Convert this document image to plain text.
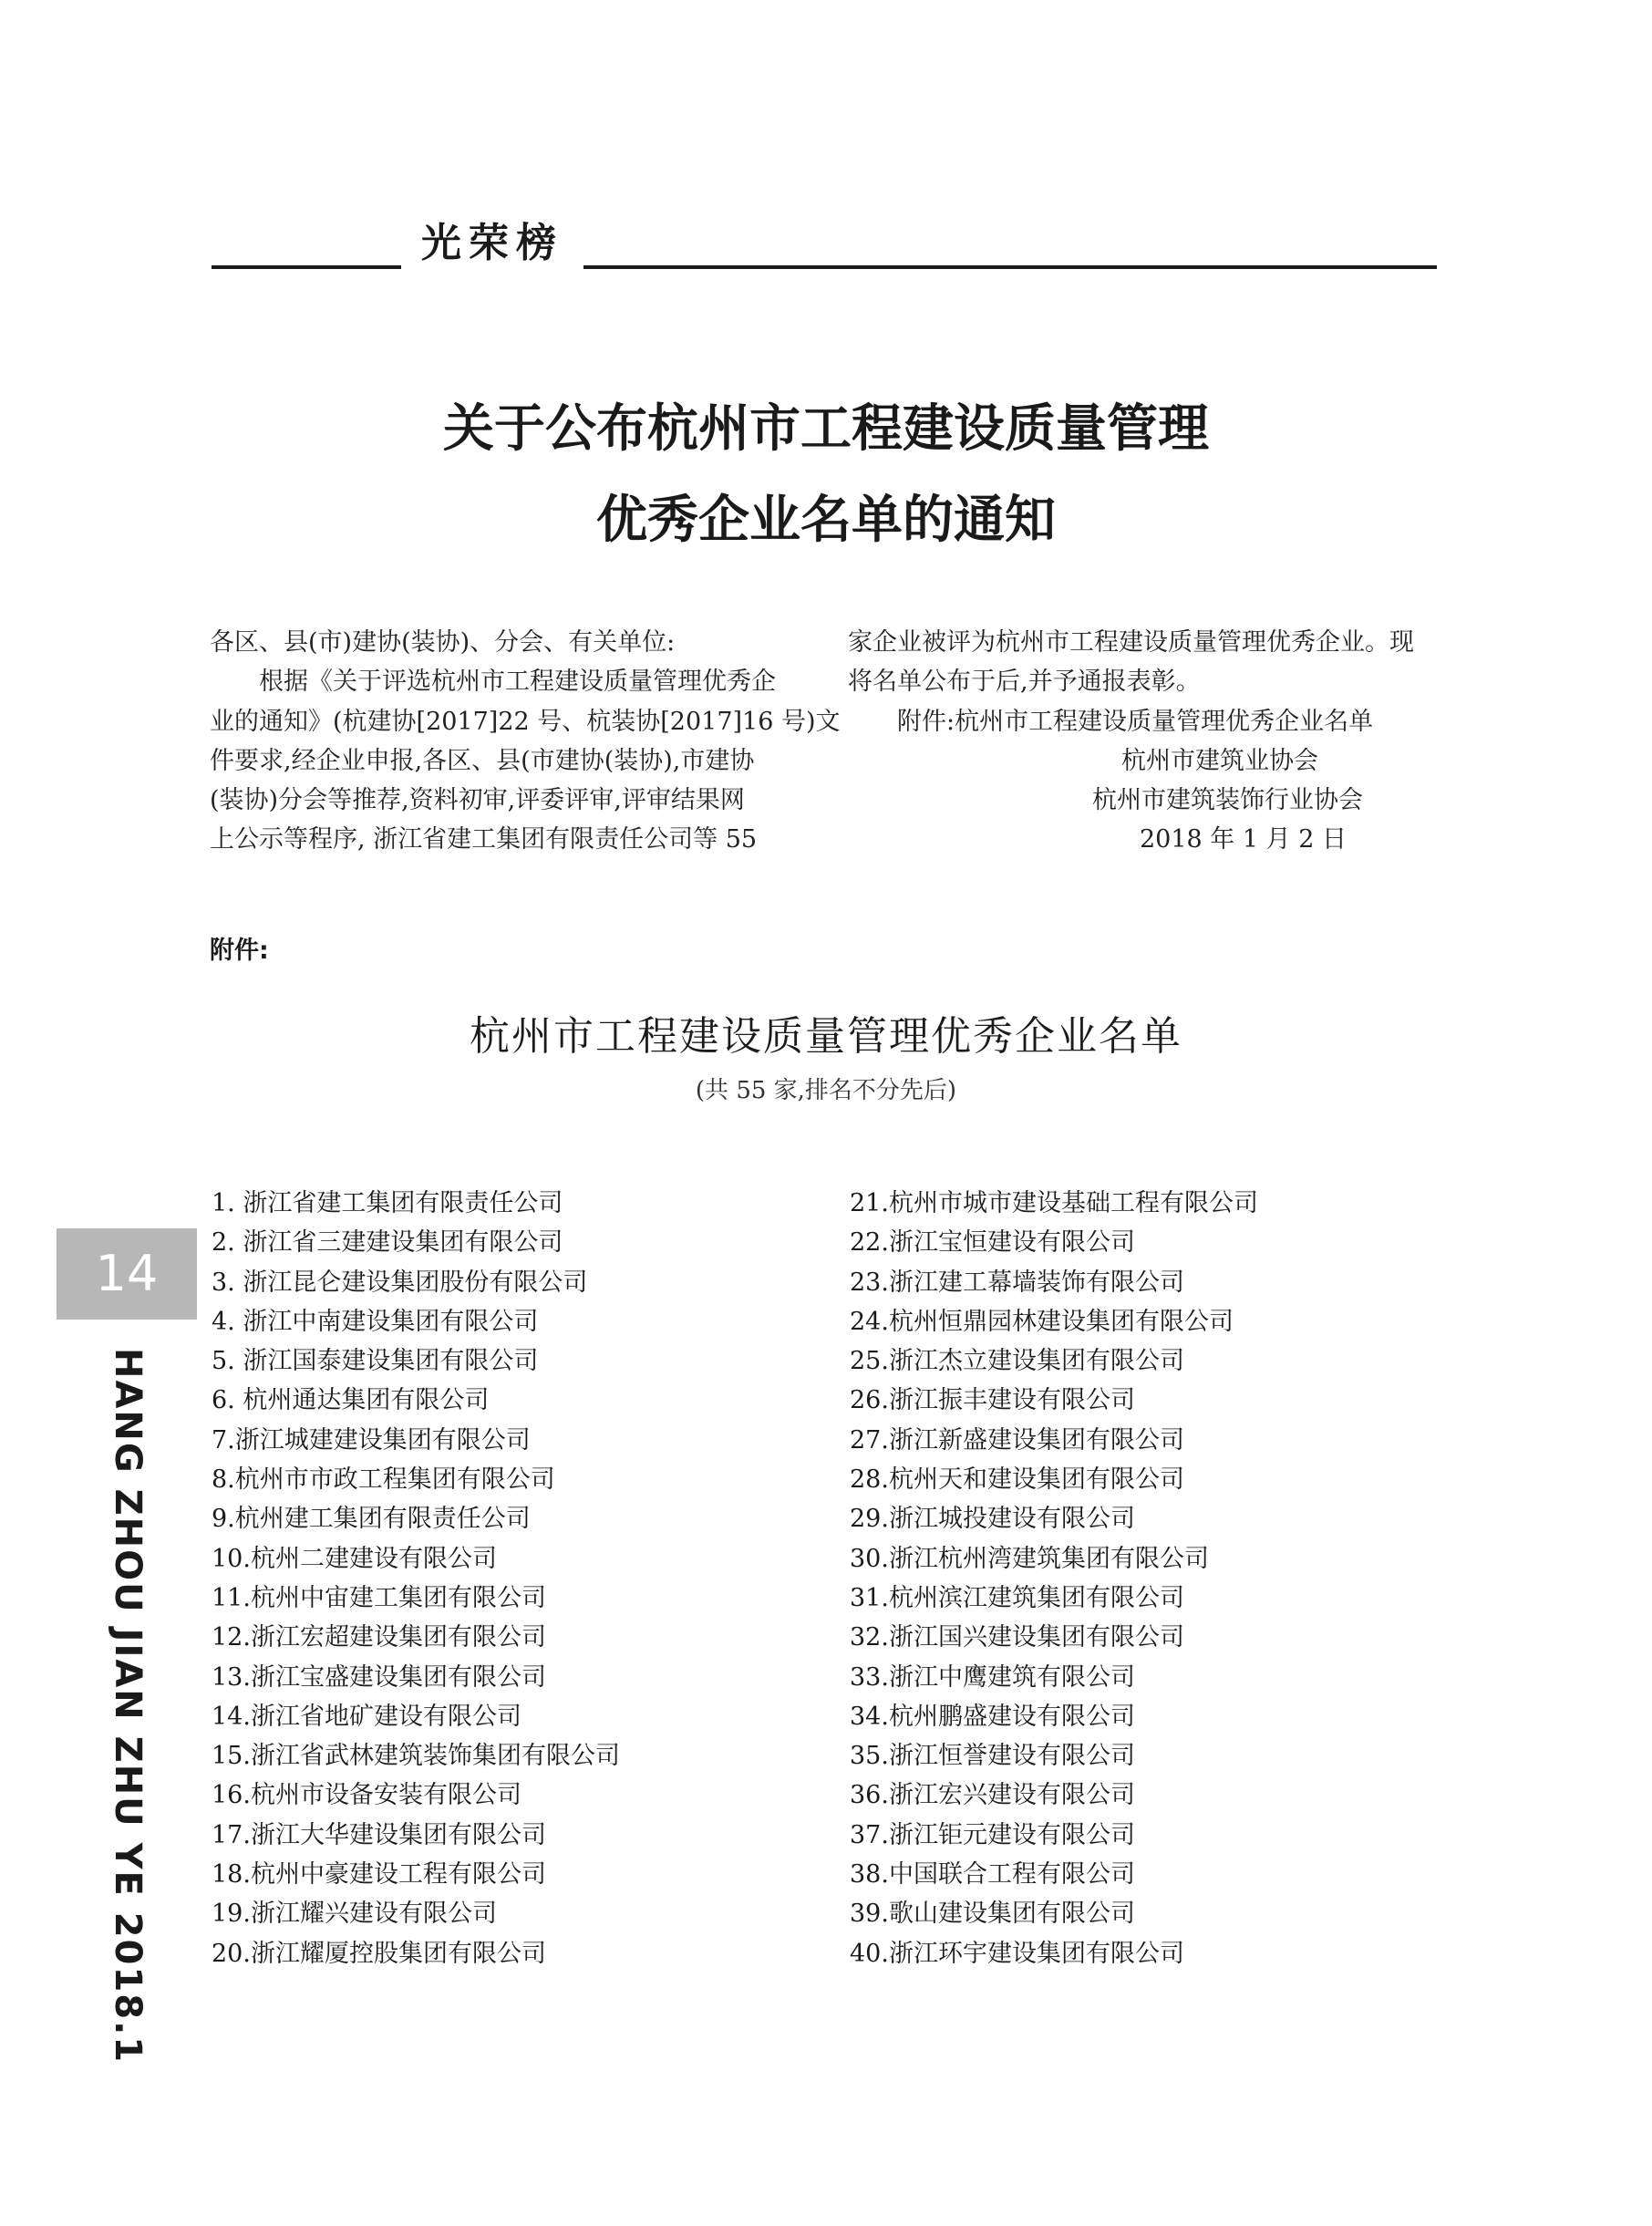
光荣榜
关于公布杭州市工程建设质量管理
优秀企业名单的通知
各区、县(市)建协(装协)、分会、有关单位:
根据《关于评选杭州市工程建设质量管理优秀企
业的通知》(杭建协[2017]22 号、杭装协[2017]16 号)文
件要求,经企业申报,各区、县(市建协(装协),市建协
(装协)分会等推荐,资料初审,评委评审,评审结果网
上公示等程序, 浙江省建工集团有限责任公司等 55
家企业被评为杭州市工程建设质量管理优秀企业。现
将名单公布于后,并予通报表彰。
附件:杭州市工程建设质量管理优秀企业名单
杭州市建筑业协会
杭州市建筑装饰行业协会
2018 年 1 月 2 日
附件:
杭州市工程建设质量管理优秀企业名单
(共 55 家,排名不分先后)
1. 浙江省建工集团有限责任公司
2. 浙江省三建建设集团有限公司
3. 浙江昆仑建设集团股份有限公司
4. 浙江中南建设集团有限公司
5. 浙江国泰建设集团有限公司
6. 杭州通达集团有限公司
7.浙江城建建设集团有限公司
8.杭州市市政工程集团有限公司
9.杭州建工集团有限责任公司
10.杭州二建建设有限公司
11.杭州中宙建工集团有限公司
12.浙江宏超建设集团有限公司
13.浙江宝盛建设集团有限公司
14.浙江省地矿建设有限公司
15.浙江省武林建筑装饰集团有限公司
16.杭州市设备安装有限公司
17.浙江大华建设集团有限公司
18.杭州中豪建设工程有限公司
19.浙江耀兴建设有限公司
20.浙江耀厦控股集团有限公司
21.杭州市城市建设基础工程有限公司
22.浙江宝恒建设有限公司
23.浙江建工幕墙装饰有限公司
24.杭州恒鼎园林建设集团有限公司
25.浙江杰立建设集团有限公司
26.浙江振丰建设有限公司
27.浙江新盛建设集团有限公司
28.杭州天和建设集团有限公司
29.浙江城投建设有限公司
30.浙江杭州湾建筑集团有限公司
31.杭州滨江建筑集团有限公司
32.浙江国兴建设集团有限公司
33.浙江中鹰建筑有限公司
34.杭州鹏盛建设有限公司
35.浙江恒誉建设有限公司
36.浙江宏兴建设有限公司
37.浙江钜元建设有限公司
38.中国联合工程有限公司
39.歌山建设集团有限公司
40.浙江环宇建设集团有限公司
14
HANG ZHOU JIAN ZHU YE 2018.1
